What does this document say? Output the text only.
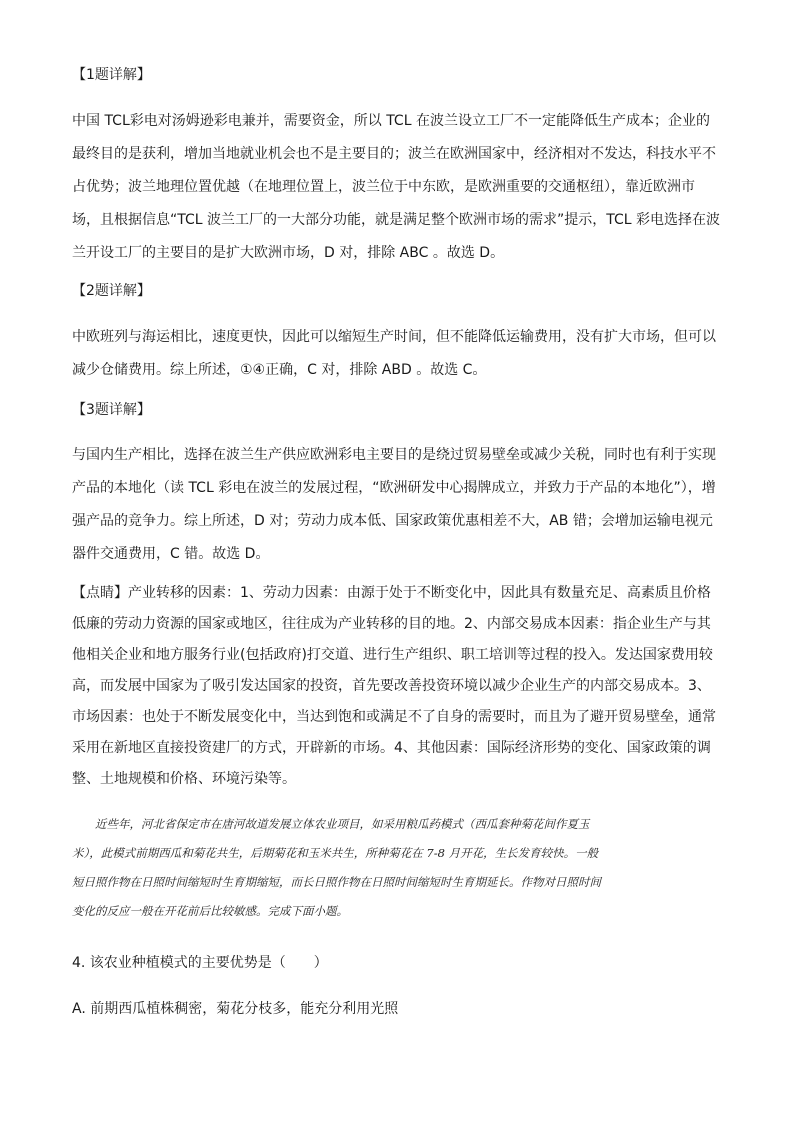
【1题详解】
中国 TCL彩电对汤姆逊彩电兼并，需要资金，所以 TCL 在波兰设立工厂不一定能降低生产成本；企业的
最终目的是获利，增加当地就业机会也不是主要目的；波兰在欧洲国家中，经济相对不发达，科技水平不
占优势；波兰地理位置优越（在地理位置上，波兰位于中东欧，是欧洲重要的交通枢纽），靠近欧洲市
场，且根据信息“TCL 波兰工厂的一大部分功能，就是满足整个欧洲市场的需求”提示，TCL 彩电选择在波
兰开设工厂的主要目的是扩大欧洲市场，D 对，排除 ABC 。故选 D。
【2题详解】
中欧班列与海运相比，速度更快，因此可以缩短生产时间，但不能降低运输费用，没有扩大市场，但可以
减少仓储费用。综上所述，①④正确，C 对，排除 ABD 。故选 C。
【3题详解】
与国内生产相比，选择在波兰生产供应欧洲彩电主要目的是绕过贸易壁垒或减少关税，同时也有利于实现
产品的本地化（读 TCL 彩电在波兰的发展过程，“欧洲研发中心揭牌成立，并致力于产品的本地化”），增
强产品的竞争力。综上所述，D 对；劳动力成本低、国家政策优惠相差不大，AB 错；会增加运输电视元
器件交通费用，C 错。故选 D。
【点睛】产业转移的因素：1、劳动力因素：由源于处于不断变化中，因此具有数量充足、高素质且价格
低廉的劳动力资源的国家或地区，往往成为产业转移的目的地。2、内部交易成本因素：指企业生产与其
他相关企业和地方服务行业(包括政府)打交道、进行生产组织、职工培训等过程的投入。发达国家费用较
高，而发展中国家为了吸引发达国家的投资，首先要改善投资环境以减少企业生产的内部交易成本。3、
市场因素：也处于不断发展变化中，当达到饱和或满足不了自身的需要时，而且为了避开贸易壁垒，通常
采用在新地区直接投资建厂的方式，开辟新的市场。4、其他因素：国际经济形势的变化、国家政策的调
整、土地规模和价格、环境污染等。
　　近些年，河北省保定市在唐河故道发展立体农业项目，如采用粮瓜药模式（西瓜套种菊花间作夏玉
米），此模式前期西瓜和菊花共生，后期菊花和玉米共生，所种菊花在 7-8 月开花，生长发育较快。一般
短日照作物在日照时间缩短时生育期缩短，而长日照作物在日照时间缩短时生育期延长。作物对日照时间
变化的反应一般在开花前后比较敏感。完成下面小题。
4. 该农业种植模式的主要优势是（　　）
A. 前期西瓜植株稠密，菊花分枝多，能充分利用光照
